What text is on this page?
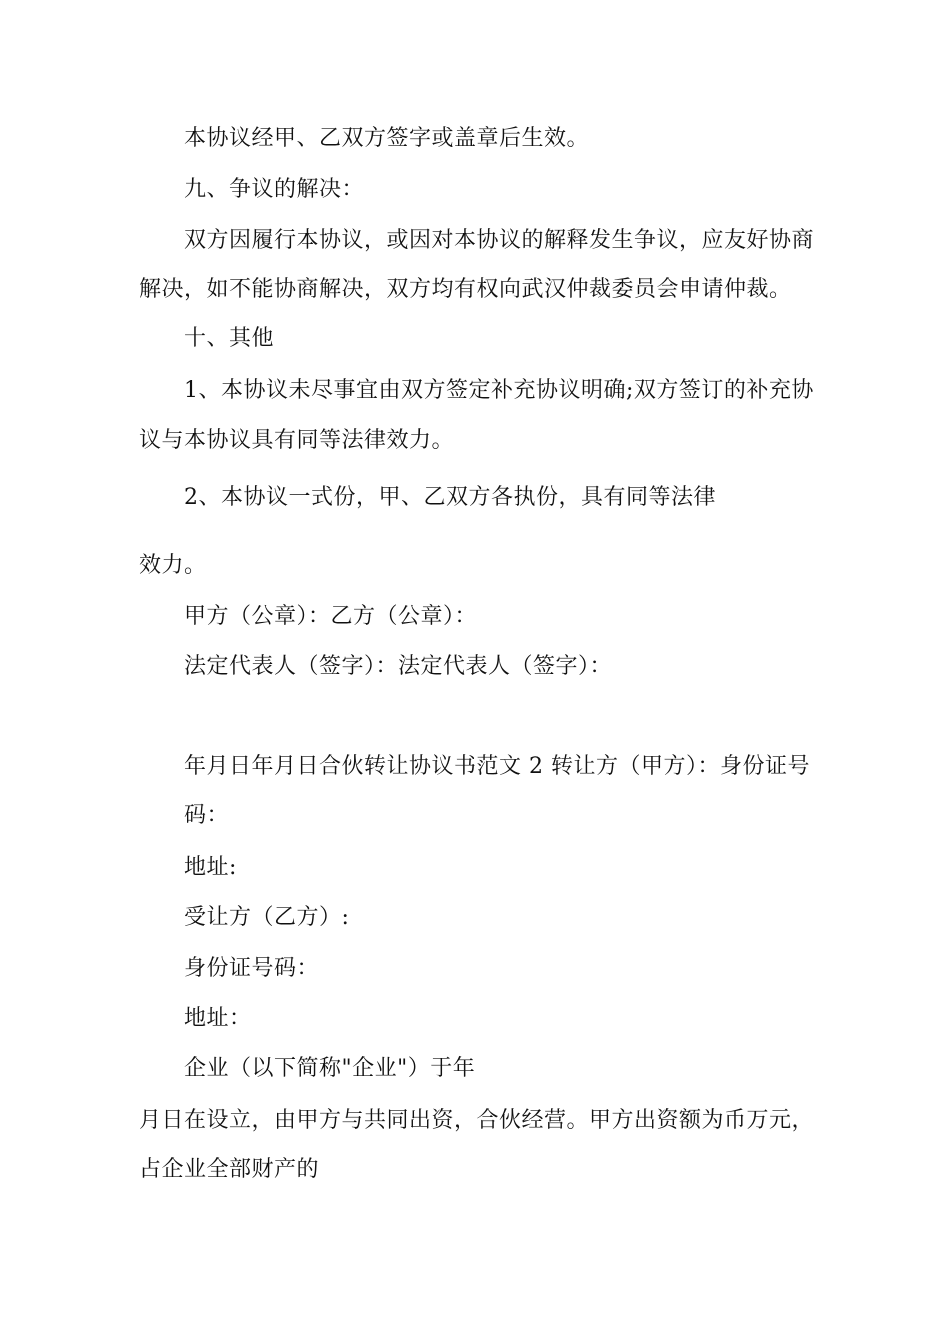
本协议经甲、乙双方签字或盖章后生效。
九、争议的解决：
双方因履行本协议，或因对本协议的解释发生争议，应友好协商
解决，如不能协商解决，双方均有权向武汉仲裁委员会申请仲裁。
十、其他
1、本协议未尽事宜由双方签定补充协议明确;双方签订的补充协
议与本协议具有同等法律效力。
2、本协议一式份，甲、乙双方各执份，具有同等法律
效力。
甲方（公章）：乙方（公章）：
法定代表人（签字）：法定代表人（签字）：
年月日年月日合伙转让协议书范文 2 转让方（甲方）：身份证号
码：
地址:
受让方（乙方）:
身份证号码：
地址：
企业（以下简称"企业"）于年
月日在设立，由甲方与共同出资，合伙经营。甲方出资额为币万元，
占企业全部财产的
